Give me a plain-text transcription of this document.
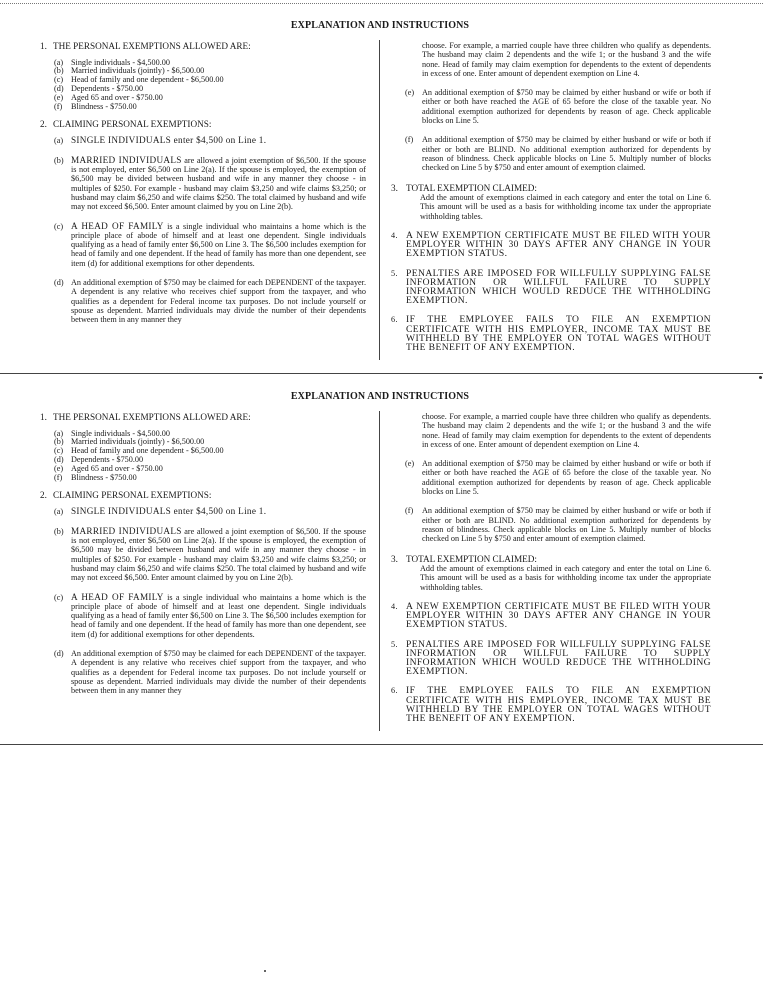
EXPLANATION AND INSTRUCTIONS
1. THE PERSONAL EXEMPTIONS ALLOWED ARE:
(a) Single individuals - $4,500.00
(b) Married individuals (jointly) - $6,500.00
(c) Head of family and one dependent - $6,500.00
(d) Dependents - $750.00
(e) Aged 65 and over - $750.00
(f) Blindness - $750.00
2. CLAIMING PERSONAL EXEMPTIONS:
(a) SINGLE INDIVIDUALS enter $4,500 on Line 1.
(b) MARRIED INDIVIDUALS are allowed a joint exemption of $6,500. If the spouse is not employed, enter $6,500 on Line 2(a). If the spouse is employed, the exemption of $6,500 may be divided between husband and wife in any manner they choose - in multiples of $250. For example - husband may claim $3,250 and wife claims $3,250; or husband may claim $6,250 and wife claims $250. The total claimed by husband and wife may not exceed $6,500. Enter amount claimed by you on Line 2(b).
(c) A HEAD OF FAMILY is a single individual who maintains a home which is the principle place of abode of himself and at least one dependent. Single individuals qualifying as a head of family enter $6,500 on Line 3. The $6,500 includes exemption for head of family and one dependent. If the head of family has more than one dependent, see item (d) for additional exemptions for other dependents.
(d) An additional exemption of $750 may be claimed for each DEPENDENT of the taxpayer. A dependent is any relative who receives chief support from the taxpayer, and who qualifies as a dependent for Federal income tax purposes. Do not include yourself or spouse as dependent. Married individuals may divide the number of their dependents between them in any manner they
choose. For example, a married couple have three children who qualify as dependents. The husband may claim 2 dependents and the wife 1; or the husband 3 and the wife none. Head of family may claim exemption for dependents to the extent of dependents in excess of one. Enter amount of dependent exemption on Line 4.
(e) An additional exemption of $750 may be claimed by either husband or wife or both if either or both have reached the AGE of 65 before the close of the taxable year. No additional exemption authorized for dependents by reason of age. Check applicable blocks on Line 5.
(f) An additional exemption of $750 may be claimed by either husband or wife or both if either or both are BLIND. No additional exemption authorized for dependents by reason of blindness. Check applicable blocks on Line 5. Multiply number of blocks checked on Line 5 by $750 and enter amount of exemption claimed.
3. TOTAL EXEMPTION CLAIMED:
Add the amount of exemptions claimed in each category and enter the total on Line 6. This amount will be used as a basis for withholding income tax under the appropriate withholding tables.
4. A NEW EXEMPTION CERTIFICATE MUST BE FILED WITH YOUR EMPLOYER WITHIN 30 DAYS AFTER ANY CHANGE IN YOUR EXEMPTION STATUS.
5. PENALTIES ARE IMPOSED FOR WILLFULLY SUPPLYING FALSE INFORMATION OR WILLFUL FAILURE TO SUPPLY INFORMATION WHICH WOULD REDUCE THE WITHHOLDING EXEMPTION.
6. IF THE EMPLOYEE FAILS TO FILE AN EXEMPTION CERTIFICATE WITH HIS EMPLOYER, INCOME TAX MUST BE WITHHELD BY THE EMPLOYER ON TOTAL WAGES WITHOUT THE BENEFIT OF ANY EXEMPTION.
EXPLANATION AND INSTRUCTIONS
1. THE PERSONAL EXEMPTIONS ALLOWED ARE:
(a) Single individuals - $4,500.00
(b) Married individuals (jointly) - $6,500.00
(c) Head of family and one dependent - $6,500.00
(d) Dependents - $750.00
(e) Aged 65 and over - $750.00
(f) Blindness - $750.00
2. CLAIMING PERSONAL EXEMPTIONS:
(a) SINGLE INDIVIDUALS enter $4,500 on Line 1.
(b) MARRIED INDIVIDUALS are allowed a joint exemption of $6,500. If the spouse is not employed, enter $6,500 on Line 2(a). If the spouse is employed, the exemption of $6,500 may be divided between husband and wife in any manner they choose - in multiples of $250. For example - husband may claim $3,250 and wife claims $3,250; or husband may claim $6,250 and wife claims $250. The total claimed by husband and wife may not exceed $6,500. Enter amount claimed by you on Line 2(b).
(c) A HEAD OF FAMILY is a single individual who maintains a home which is the principle place of abode of himself and at least one dependent. Single individuals qualifying as a head of family enter $6,500 on Line 3. The $6,500 includes exemption for head of family and one dependent. If the head of family has more than one dependent, see item (d) for additional exemptions for other dependents.
(d) An additional exemption of $750 may be claimed for each DEPENDENT of the taxpayer. A dependent is any relative who receives chief support from the taxpayer, and who qualifies as a dependent for Federal income tax purposes. Do not include yourself or spouse as dependent. Married individuals may divide the number of their dependents between them in any manner they
choose. For example, a married couple have three children who qualify as dependents. The husband may claim 2 dependents and the wife 1; or the husband 3 and the wife none. Head of family may claim exemption for dependents to the extent of dependents in excess of one. Enter amount of dependent exemption on Line 4.
(e) An additional exemption of $750 may be claimed by either husband or wife or both if either or both have reached the AGE of 65 before the close of the taxable year. No additional exemption authorized for dependents by reason of age. Check applicable blocks on Line 5.
(f) An additional exemption of $750 may be claimed by either husband or wife or both if either or both are BLIND. No additional exemption authorized for dependents by reason of blindness. Check applicable blocks on Line 5. Multiply number of blocks checked on Line 5 by $750 and enter amount of exemption claimed.
3. TOTAL EXEMPTION CLAIMED:
Add the amount of exemptions claimed in each category and enter the total on Line 6. This amount will be used as a basis for withholding income tax under the appropriate withholding tables.
4. A NEW EXEMPTION CERTIFICATE MUST BE FILED WITH YOUR EMPLOYER WITHIN 30 DAYS AFTER ANY CHANGE IN YOUR EXEMPTION STATUS.
5. PENALTIES ARE IMPOSED FOR WILLFULLY SUPPLYING FALSE INFORMATION OR WILLFUL FAILURE TO SUPPLY INFORMATION WHICH WOULD REDUCE THE WITHHOLDING EXEMPTION.
6. IF THE EMPLOYEE FAILS TO FILE AN EXEMPTION CERTIFICATE WITH HIS EMPLOYER, INCOME TAX MUST BE WITHHELD BY THE EMPLOYER ON TOTAL WAGES WITHOUT THE BENEFIT OF ANY EXEMPTION.
